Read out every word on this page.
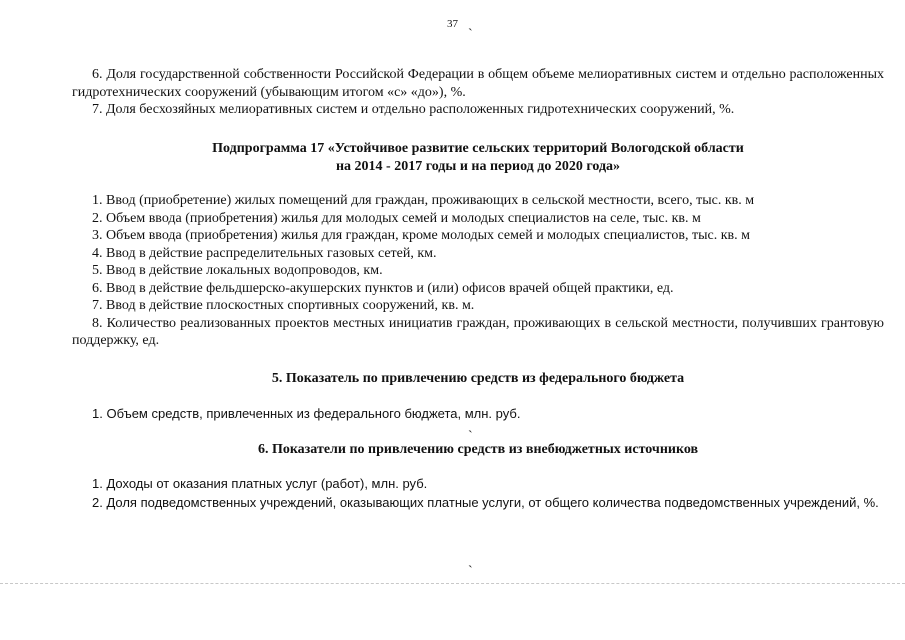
37
`

6. Доля государственной собственности Российской Федерации в общем объеме мелиоративных систем и отдельно расположенных гидротехнических сооружений (убывающим итогом «с» «до»), %.

7. Доля бесхозяйных мелиоративных систем и отдельно расположенных гидротехнических сооружений, %.

Подпрограмма 17 «Устойчивое развитие сельских территорий Вологодской области
на 2014 - 2017 годы и на период до 2020 года»

1. Ввод (приобретение) жилых помещений для граждан, проживающих в сельской местности, всего, тыс. кв. м

2. Объем ввода (приобретения) жилья для молодых семей и молодых специалистов на селе, тыс. кв. м

3. Объем ввода (приобретения) жилья для граждан, кроме молодых семей и молодых специалистов, тыс. кв. м

4. Ввод в действие распределительных газовых сетей, км.

5. Ввод в действие локальных водопроводов, км.

6. Ввод в действие фельдшерско-акушерских пунктов и (или) офисов врачей общей практики, ед.

7. Ввод в действие плоскостных спортивных сооружений, кв. м.

8. Количество реализованных проектов местных инициатив граждан, проживающих в сельской местности, получивших грантовую поддержку, ед.

5. Показатель по привлечению средств из федерального бюджета

1. Объем средств, привлеченных из федерального бюджета, млн. руб.

`
6. Показатели по привлечению средств из внебюджетных источников

1. Доходы от оказания платных услуг (работ), млн. руб.

2. Доля подведомственных учреждений, оказывающих платные услуги, от общего количества подведомственных учреждений, %.

`
